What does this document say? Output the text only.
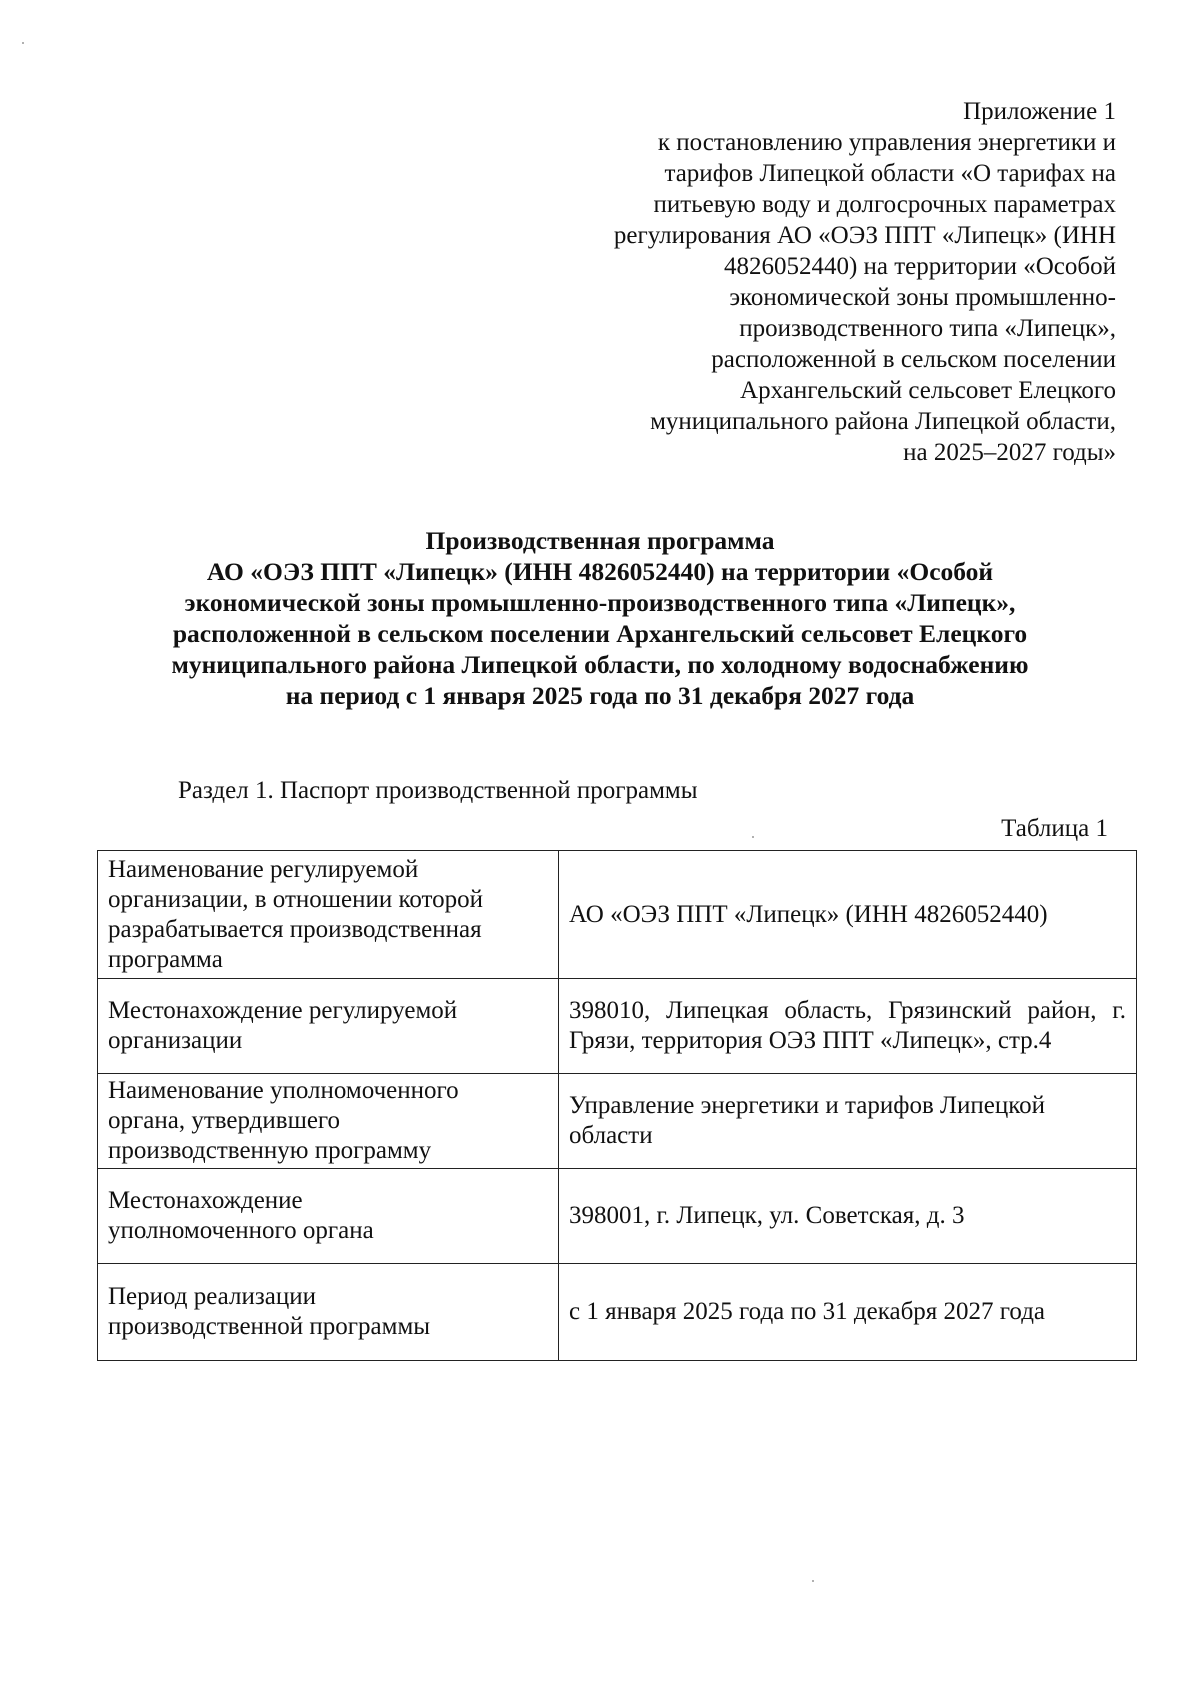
Приложение 1
к постановлению управления энергетики и
тарифов Липецкой области «О тарифах на
питьевую воду и долгосрочных параметрах
регулирования АО «ОЭЗ ППТ «Липецк» (ИНН
4826052440) на территории «Особой
экономической зоны промышленно-
производственного типа «Липецк»,
расположенной в сельском поселении
Архангельский сельсовет Елецкого
муниципального района Липецкой области,
на 2025–2027 годы»
Производственная программа
АО «ОЭЗ ППТ «Липецк» (ИНН 4826052440) на территории «Особой
экономической зоны промышленно-производственного типа «Липецк»,
расположенной в сельском поселении Архангельский сельсовет Елецкого
муниципального района Липецкой области, по холодному водоснабжению
на период с 1 января 2025 года по 31 декабря 2027 года
Раздел 1. Паспорт производственной программы
Таблица 1
Наименование регулируемой
организации, в отношении которой
разрабатывается производственная
программа	АО «ОЭЗ ППТ «Липецк» (ИНН 4826052440)

Местонахождение регулируемой
организации	398010, Липецкая область, Грязинский район, г. Грязи, территория ОЭЗ ППТ «Липецк», стр.4

Наименование уполномоченного
органа, утвердившего
производственную программу	Управление энергетики и тарифов Липецкой области

Местонахождение
уполномоченного органа	398001, г. Липецк, ул. Советская, д. 3

Период реализации
производственной программы	с 1 января 2025 года по 31 декабря 2027 года
